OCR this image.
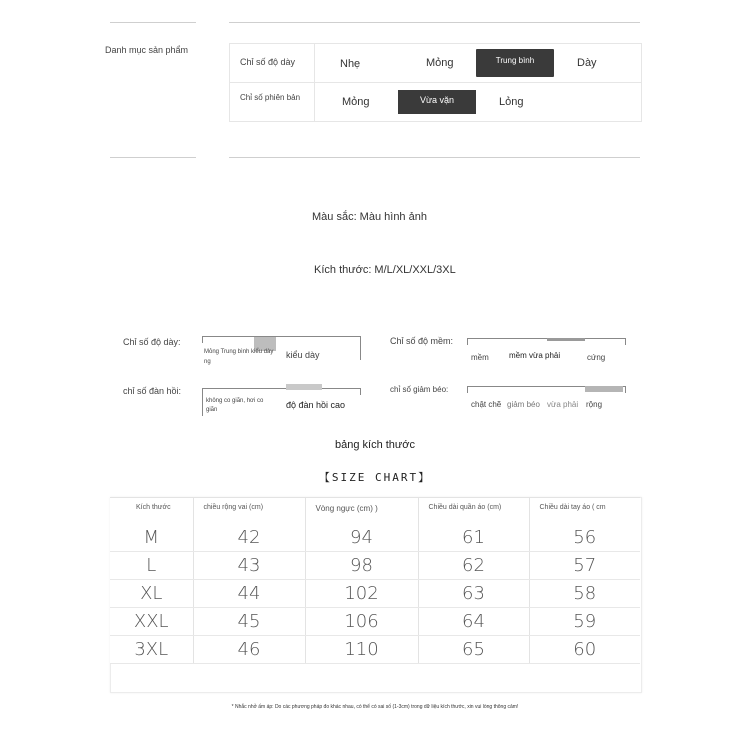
Danh mục sản phẩm
Chỉ số độ dày	Nhẹ	Mỏng	Trung bình	Dày
Chỉ số phiên bản	Mỏng	Vừa vặn	Lỏng
Màu sắc: Màu hình ảnh
Kích thước: M/L/XL/XXL/3XL
Chỉ số độ dày:
Mỏng Trung bình kiểu dày ng
kiểu dày
Chỉ số độ mềm:
mềm	mềm vừa phải	cứng
chỉ số đàn hồi:
không co giãn, hơi co giãn	độ đàn hồi cao
chỉ số giảm béo:
chật chẽ giảm béo vừa phải rộng
bảng kích thước
【SIZE CHART】
Kích thước	chiều rộng vai (cm)	Vòng ngực (cm) )	Chiều dài quần áo (cm)	Chiều dài tay áo ( cm
M	42	94	61	56
L	43	98	62	57
XL	44	102	63	58
XXL	45	106	64	59
3XL	46	110	65	60
* Nhắc nhở ấm áp: Do các phương pháp đo khác nhau, có thể có sai số (1-3cm) trong dữ liệu kích thước, xin vui lòng thông cảm!
